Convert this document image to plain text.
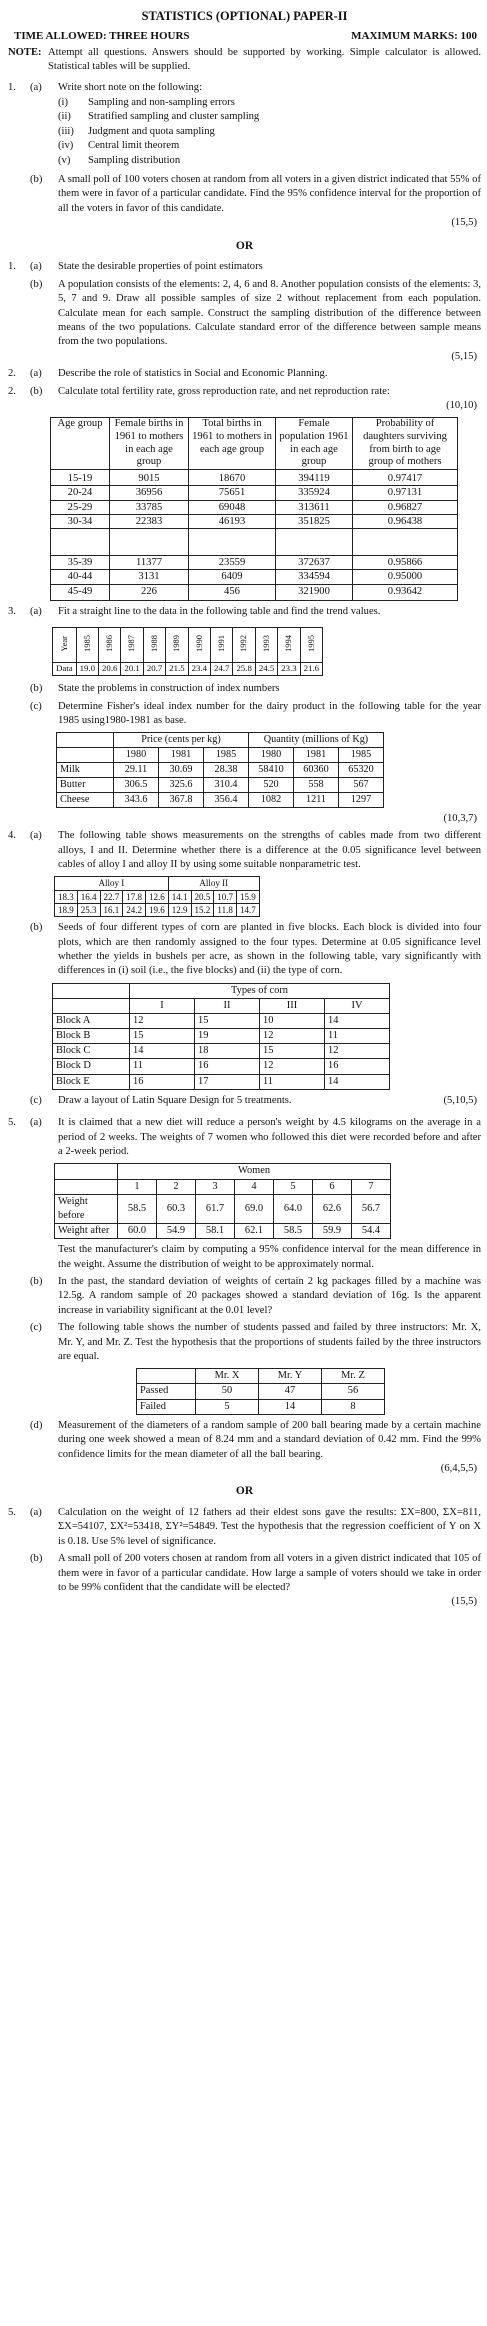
STATISTICS (OPTIONAL) PAPER-II
TIME ALLOWED: THREE HOURS	MAXIMUM MARKS: 100
NOTE: Attempt all questions. Answers should be supported by working. Simple calculator is allowed. Statistical tables will be supplied.
1.	(a)	Write short note on the following:
(i)	Sampling and non-sampling errors
(ii)	Stratified sampling and cluster sampling
(iii)	Judgment and quota sampling
(iv)	Central limit theorem
(v)	Sampling distribution
(b)	A small poll of 100 voters chosen at random from all voters in a given district indicated that 55% of them were in favor of a particular candidate. Find the 95% confidence interval for the proportion of all the voters in favor of this candidate.
(15,5)
OR
1.	(a)	State the desirable properties of point estimators
(b)	A population consists of the elements: 2, 4, 6 and 8. Another population consists of the elements: 3, 5, 7 and 9. Draw all possible samples of size 2 without replacement from each population. Calculate mean for each sample. Construct the sampling distribution of the difference between means of the two populations. Calculate standard error of the difference between sample means from the two populations.
(5,15)
2.	(a)	Describe the role of statistics in Social and Economic Planning.
2.	(b)	Calculate total fertility rate, gross reproduction rate, and net reproduction rate:
(10,10)
Age group	Female births in 1961 to mothers in each age group	Total births in 1961 to mothers in each age group	Female population 1961 in each age group	Probability of daughters surviving from birth to age group of mothers
15-19	9015	18670	394119	0.97417
20-24	36956	75651	335924	0.97131
25-29	33785	69048	313611	0.96827
30-34	22383	46193	351825	0.96438

35-39	11377	23559	372637	0.95866
40-44	3131	6409	334594	0.95000
45-49	226	456	321900	0.93642
3.	(a)	Fit a straight line to the data in the following table and find the trend values.
Year	1985	1986	1987	1988	1989	1990	1991	1992	1993	1994	1995
Data	19.0	20.6	20.1	20.7	21.5	23.4	24.7	25.8	24.5	23.3	21.6
(b)	State the problems in construction of index numbers
(c)	Determine Fisher's ideal index number for the dairy product in the following table for the year 1985 using1980-1981 as base.
	Price (cents per kg)			Quantity (millions of Kg)		
	1980	1981	1985	1980	1981	1985
Milk	29.11	30.69	28.38	58410	60360	65320
Butter	306.5	325.6	310.4	520	558	567
Cheese	343.6	367.8	356.4	1082	1211	1297
(10,3,7)
4.	(a)	The following table shows measurements on the strengths of cables made from two different alloys, I and II. Determine whether there is a difference at the 0.05 significance level between cables of alloy I and alloy II by using some suitable nonparametric test.
Alloy I					Alloy II			
18.3	16.4	22.7	17.8	12.6	14.1	20.5	10.7	15.9
18.9	25.3	16.1	24.2	19.6	12.9	15.2	11.8	14.7
(b)	Seeds of four different types of corn are planted in five blocks. Each block is divided into four plots, which are then randomly assigned to the four types. Determine at 0.05 significance level whether the yields in bushels per acre, as shown in the following table, vary significantly with differences in (i) soil (i.e., the five blocks) and (ii) the type of corn.
	Types of corn			
	I	II	III	IV
Block A	12	15	10	14
Block B	15	19	12	11
Block C	14	18	15	12
Block D	11	16	12	16
Block E	16	17	11	14
(c)	Draw a layout of Latin Square Design for 5 treatments.	(5,10,5)
5.	(a)	It is claimed that a new diet will reduce a person's weight by 4.5 kilograms on the average in a period of 2 weeks. The weights of 7 women who followed this diet were recorded before and after a 2-week period.
	Women						
	1	2	3	4	5	6	7
Weight before	58.5	60.3	61.7	69.0	64.0	62.6	56.7
Weight after	60.0	54.9	58.1	62.1	58.5	59.9	54.4
Test the manufacturer's claim by computing a 95% confidence interval for the mean difference in the weight. Assume the distribution of weight to be approximately normal.
(b)	In the past, the standard deviation of weights of certain 2 kg packages filled by a machine was 12.5g. A random sample of 20 packages showed a standard deviation of 16g. Is the apparent increase in variability significant at the 0.01 level?
(c)	The following table shows the number of students passed and failed by three instructors: Mr. X, Mr. Y, and Mr. Z. Test the hypothesis that the proportions of students failed by the three instructors are equal.
	Mr. X	Mr. Y	Mr. Z
Passed	50	47	56
Failed	5	14	8
(d)	Measurement of the diameters of a random sample of 200 ball bearing made by a certain machine during one week showed a mean of 8.24 mm and a standard deviation of 0.42 mm. Find the 99% confidence limits for the mean diameter of all the ball bearing.
(6,4,5,5)
OR
5.	(a)	Calculation on the weight of 12 fathers ad their eldest sons gave the results: ΣX=800, ΣX=811, ΣX=54107, ΣX²=53418, ΣY²=54849. Test the hypothesis that the regression coefficient of Y on X is 0.18. Use 5% level of significance.
(b)	A small poll of 200 voters chosen at random from all voters in a given district indicated that 105 of them were in favor of a particular candidate. How large a sample of voters should we take in order to be 99% confident that the candidate will be elected?
(15,5)
